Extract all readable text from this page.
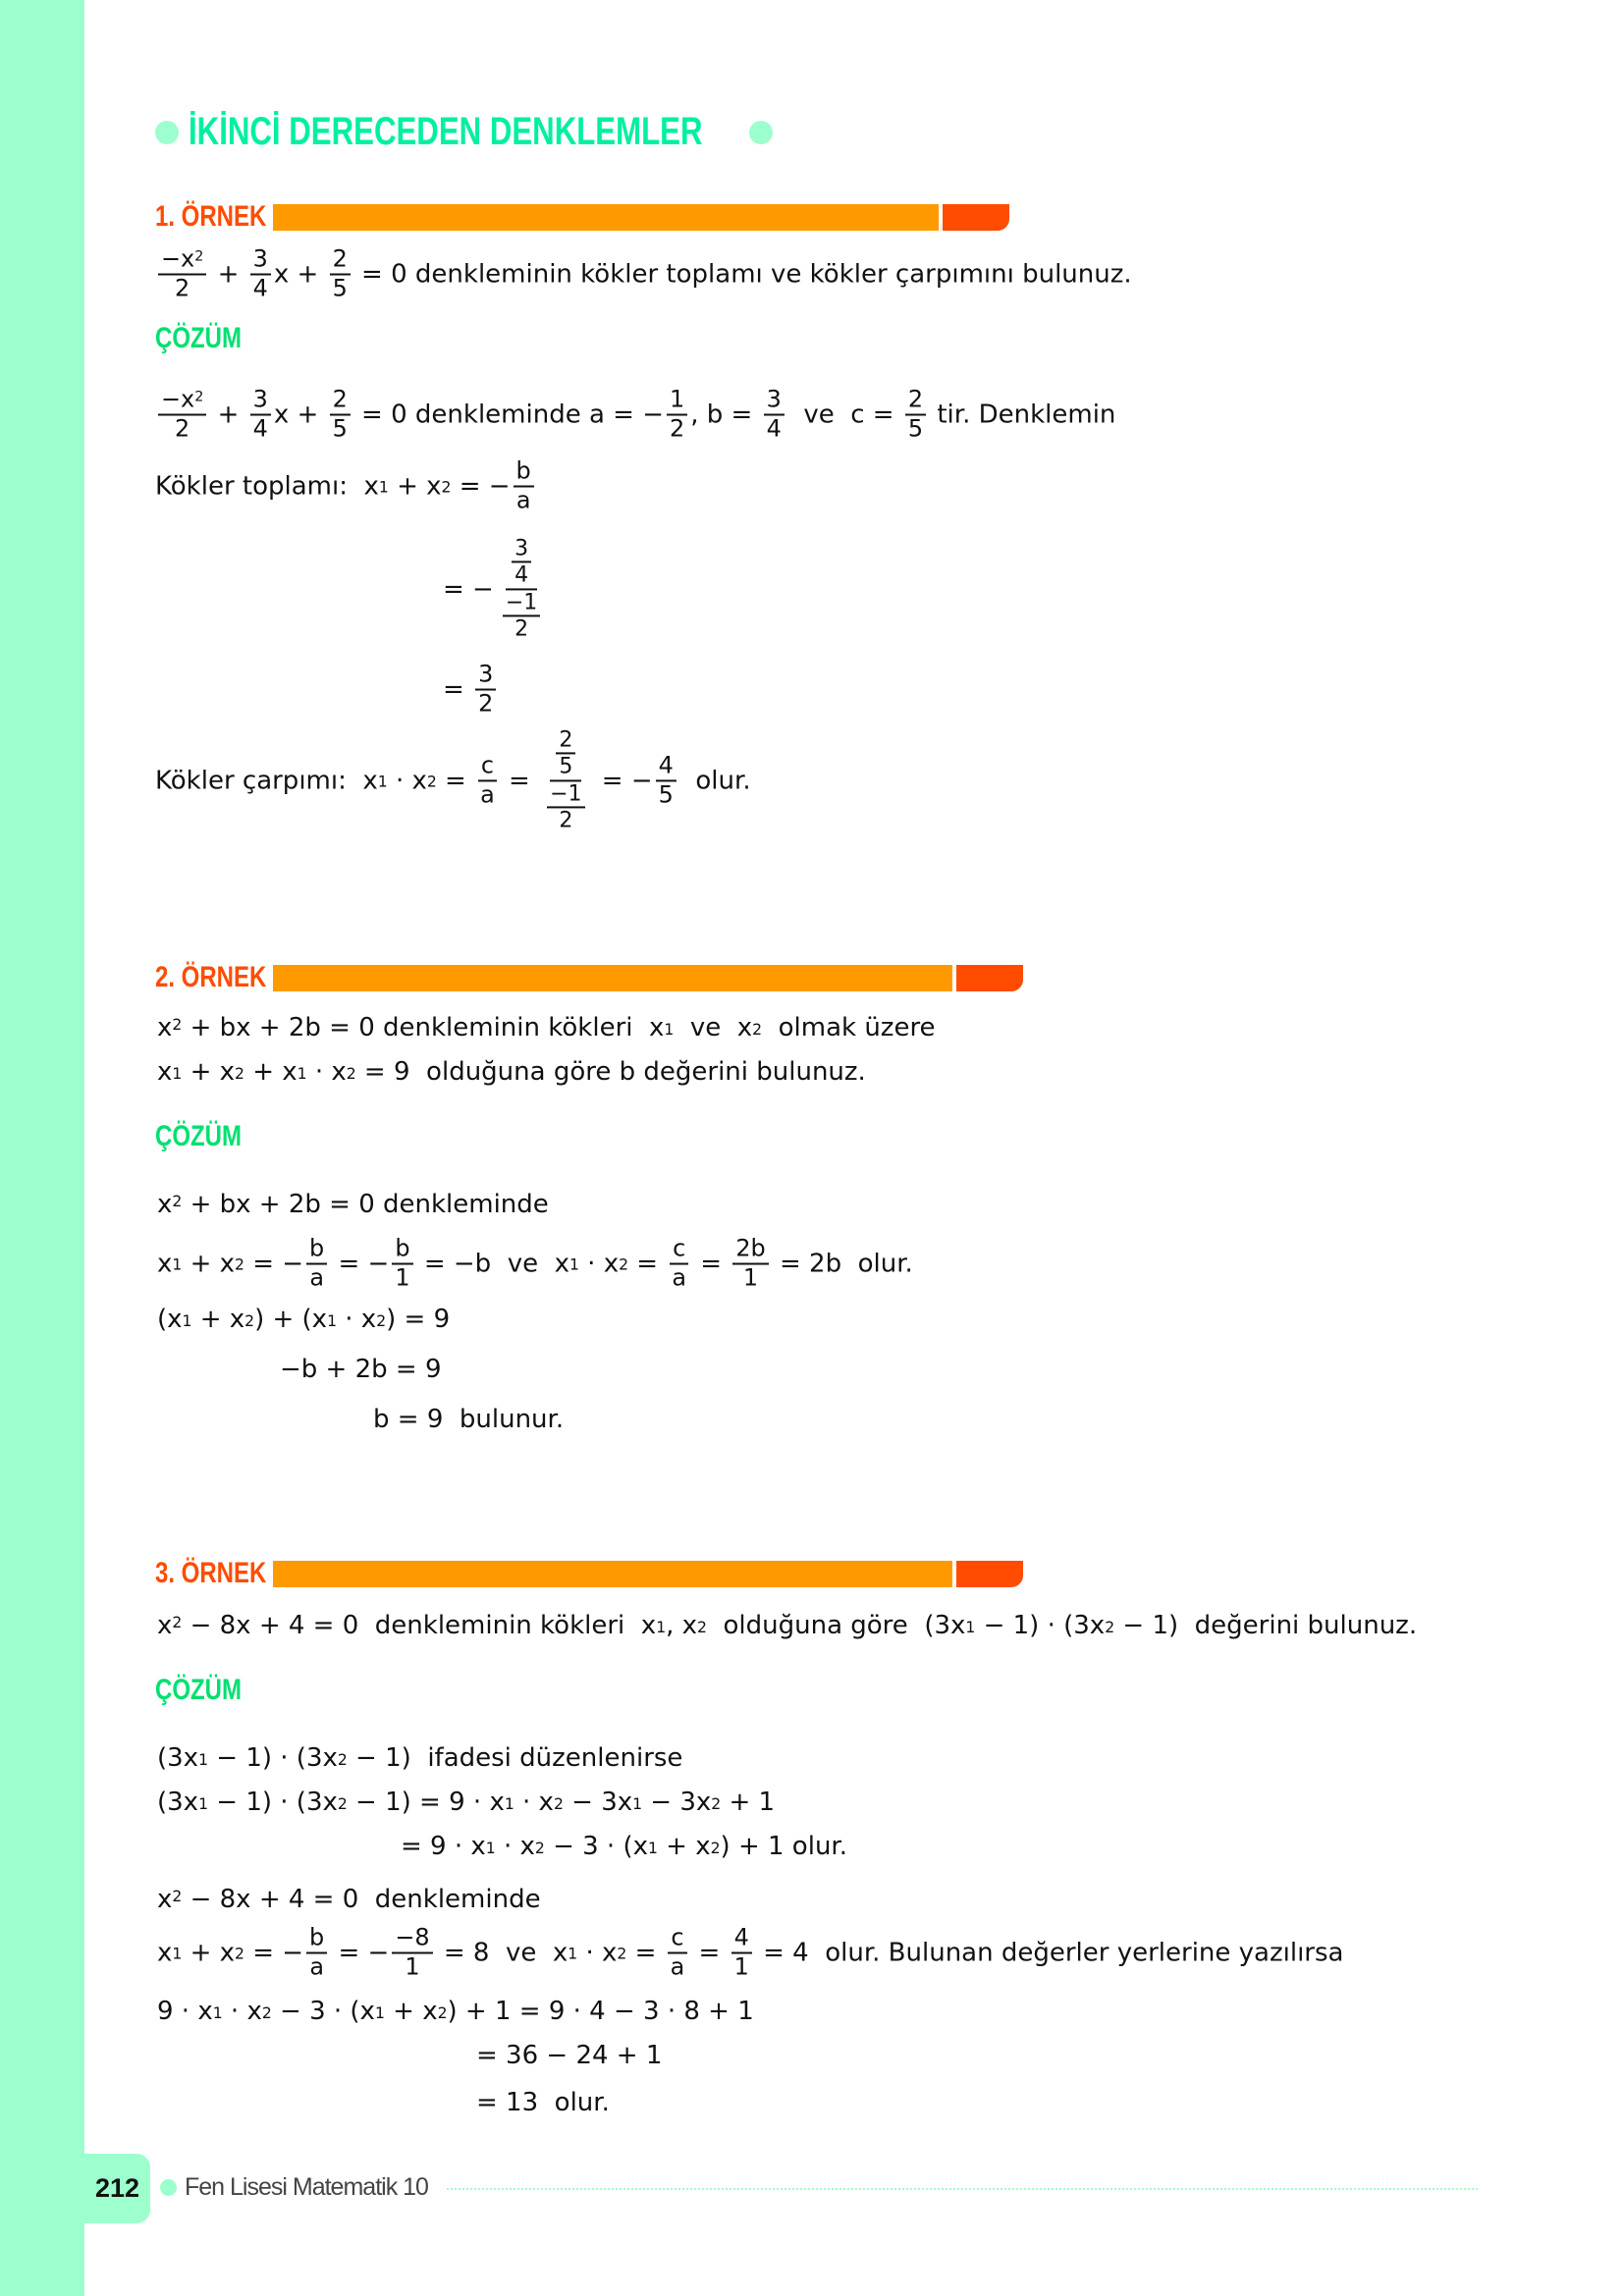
İKİNCİ DERECEDEN DENKLEMLER
1. ÖRNEK
ÇÖZÜM
2. ÖRNEK
ÇÖZÜM
3. ÖRNEK
ÇÖZÜM
$\frac{-x^2}{2} + \frac{3}{4}$ $x + \frac{2}{5} = 0$ denkleminin kökler toplamı ve kökler çarpımını bulunuz.
$\frac{-x^2}{2} + \frac{3}{4}$ $x + \frac{2}{5} = 0$ denkleminde a = − $\frac{1}{2}$ , $b = \frac{3}{4}$ ve  $c = \frac{2}{5}$ tir. Denklemin
Kökler toplamı:  $x_1 + x_2$ = − $\frac{b}{a}$
= − $\frac{\frac{3}{4}}{\frac{-1}{2}}$
= $\frac{3}{2}$
Kökler çarpımı:  $x_1 \cdot x_2 = \frac{c}{a} = \frac{\frac{2}{5}}{\frac{-1}{2}}$ = − $\frac{4}{5}$ olur.
$x^2$ + bx + 2b = 0 denkleminin kökleri  $x_1$ ve  $x_2$ olmak üzere
$x_1 + x_2 + x_1 \cdot x_2 = 9$  olduğuna göre b değerini bulunuz.
$x^2$ + bx + 2b = 0 denkleminde
$x_1 + x_2$ = − $\frac{b}{a}$ = − $\frac{b}{1} = -b$  ve  $x_1 \cdot x_2 = \frac{c}{a} = \frac{2b}{1} = 2b$  olur.
($x_1 + x_2$ ) + ($x_1 \cdot x_2$ ) = 9
−b + 2b = 9
b = 9  bulunur.
$x^2 - 8x + 4 = 0$  denkleminin kökleri  $x_1$ , $x_2$ olduğuna göre  $(3x_1 - 1) \cdot (3x_2 - 1)$  değerini bulunuz.
$(3x_1 - 1) \cdot (3x_2 - 1)$  ifadesi düzenlenirse
$(3x_1 - 1) \cdot (3x_2 - 1) = 9 \cdot x_1 \cdot x_2 - 3x_1 - 3x_2 + 1$
= $9 \cdot x_1 \cdot x_2 - 3 \cdot (x_1 + x_2$ ) + 1 olur.
$x^2 - 8x + 4 = 0$  denkleminde
$x_1 + x_2$ = − $\frac{b}{a}$ = − $\frac{-8}{1} = 8$  ve  $x_1 \cdot x_2 = \frac{c}{a} = \frac{4}{1} = 4$  olur. Bulunan değerler yerlerine yazılırsa
$9 \cdot x_1 \cdot x_2 - 3 \cdot (x_1 + x_2$ ) + 1 = 9 · 4 − 3 · 8 + 1
= 36 − 24 + 1
= 13  olur.
212	Fen Lisesi Matematik 10
